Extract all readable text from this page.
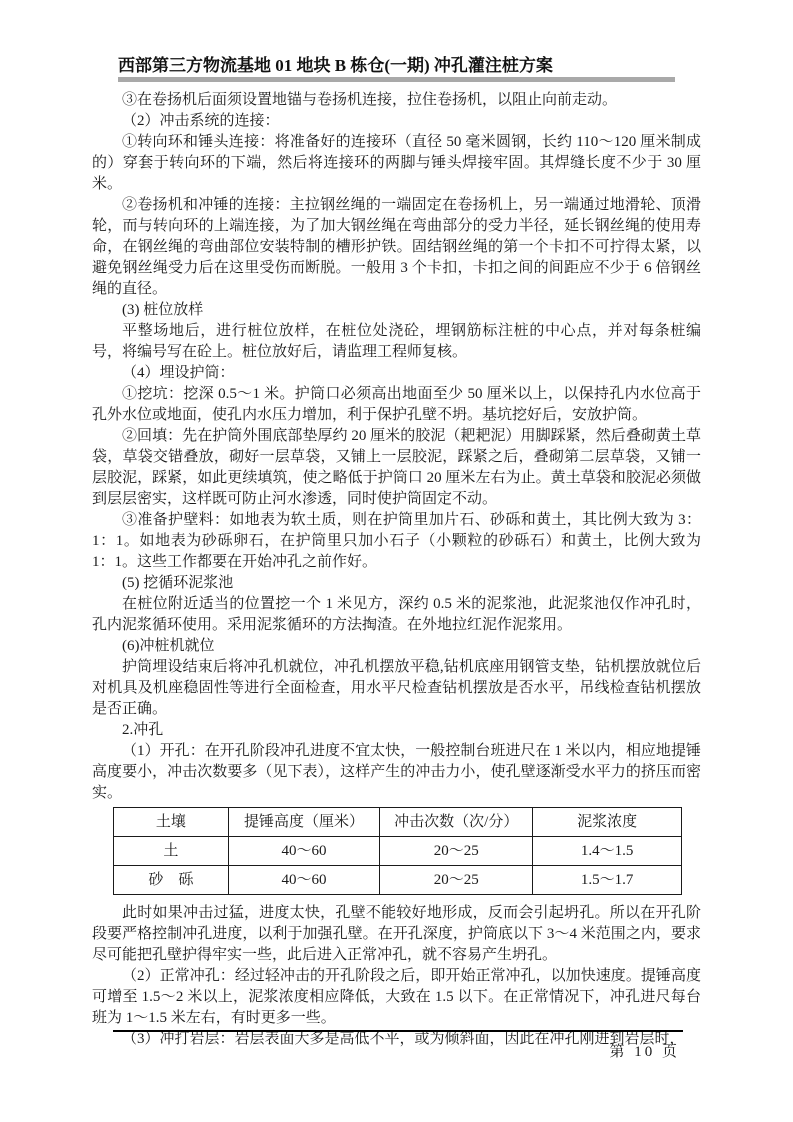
西部第三方物流基地 01 地块 B 栋仓(一期) 冲孔灌注桩方案

③在卷扬机后面须设置地锚与卷扬机连接，拉住卷扬机，以阻止向前走动。

（2）冲击系统的连接：

①转向环和锤头连接：将准备好的连接环（直径 50 毫米圆钢，长约 110～120 厘米制成的）穿套于转向环的下端，然后将连接环的两脚与锤头焊接牢固。其焊缝长度不少于 30 厘米。

②卷扬机和冲锤的连接：主拉钢丝绳的一端固定在卷扬机上，另一端通过地滑轮、顶滑轮，而与转向环的上端连接，为了加大钢丝绳在弯曲部分的受力半径，延长钢丝绳的使用寿命，在钢丝绳的弯曲部位安装特制的槽形护铁。固结钢丝绳的第一个卡扣不可拧得太紧，以避免钢丝绳受力后在这里受伤而断脱。一般用 3 个卡扣，卡扣之间的间距应不少于 6 倍钢丝绳的直径。

(3) 桩位放样

平整场地后，进行桩位放样，在桩位处浇砼，埋钢筋标注桩的中心点，并对每条桩编号，将编号写在砼上。桩位放好后，请监理工程师复核。

（4）埋设护筒：

①挖坑：挖深 0.5～1 米。护筒口必须高出地面至少 50 厘米以上，以保持孔内水位高于孔外水位或地面，使孔内水压力增加，利于保护孔壁不坍。基坑挖好后，安放护筒。

②回填：先在护筒外围底部垫厚约 20 厘米的胶泥（耙耙泥）用脚踩紧，然后叠砌黄土草袋，草袋交错叠放，砌好一层草袋，又铺上一层胶泥，踩紧之后，叠砌第二层草袋，又铺一层胶泥，踩紧，如此更续填筑，使之略低于护筒口 20 厘米左右为止。黄土草袋和胶泥必须做到层层密实，这样既可防止河水渗透，同时使护筒固定不动。

③准备护壁料：如地表为软土质，则在护筒里加片石、砂砾和黄土，其比例大致为 3：1：1。如地表为砂砾卵石，在护筒里只加小石子（小颗粒的砂砾石）和黄土，比例大致为 1：1。这些工作都要在开始冲孔之前作好。

(5) 挖循环泥浆池

在桩位附近适当的位置挖一个 1 米见方，深约 0.5 米的泥浆池，此泥浆池仅作冲孔时，孔内泥浆循环使用。采用泥浆循环的方法掏渣。在外地拉红泥作泥浆用。

(6)冲桩机就位

护筒埋设结束后将冲孔机就位，冲孔机摆放平稳,钻机底座用钢管支垫，钻机摆放就位后对机具及机座稳固性等进行全面检查，用水平尺检查钻机摆放是否水平，吊线检查钻机摆放是否正确。

2.冲孔

（1）开孔：在开孔阶段冲孔进度不宜太快，一般控制台班进尺在 1 米以内，相应地提锤高度要小，冲击次数要多（见下表），这样产生的冲击力小，使孔壁逐渐受水平力的挤压而密实。

土壤	提锤高度（厘米）	冲击次数（次/分）	泥浆浓度
土	40～60	20～25	1.4～1.5
砂　砾	40～60	20～25	1.5～1.7

此时如果冲击过猛，进度太快，孔壁不能较好地形成，反而会引起坍孔。所以在开孔阶段要严格控制冲孔进度，以利于加强孔壁。在开孔深度，护筒底以下 3～4 米范围之内，要求尽可能把孔壁护得牢实一些，此后进入正常冲孔，就不容易产生坍孔。

（2）正常冲孔：经过轻冲击的开孔阶段之后，即开始正常冲孔，以加快速度。提锤高度可增至 1.5～2 米以上，泥浆浓度相应降低，大致在 1.5 以下。在正常情况下，冲孔进尺每台班为 1～1.5 米左右，有时更多一些。

（3）冲打岩层：岩层表面大多是高低不平，或为倾斜面，因此在冲孔刚进到岩层时，

第 10 页
